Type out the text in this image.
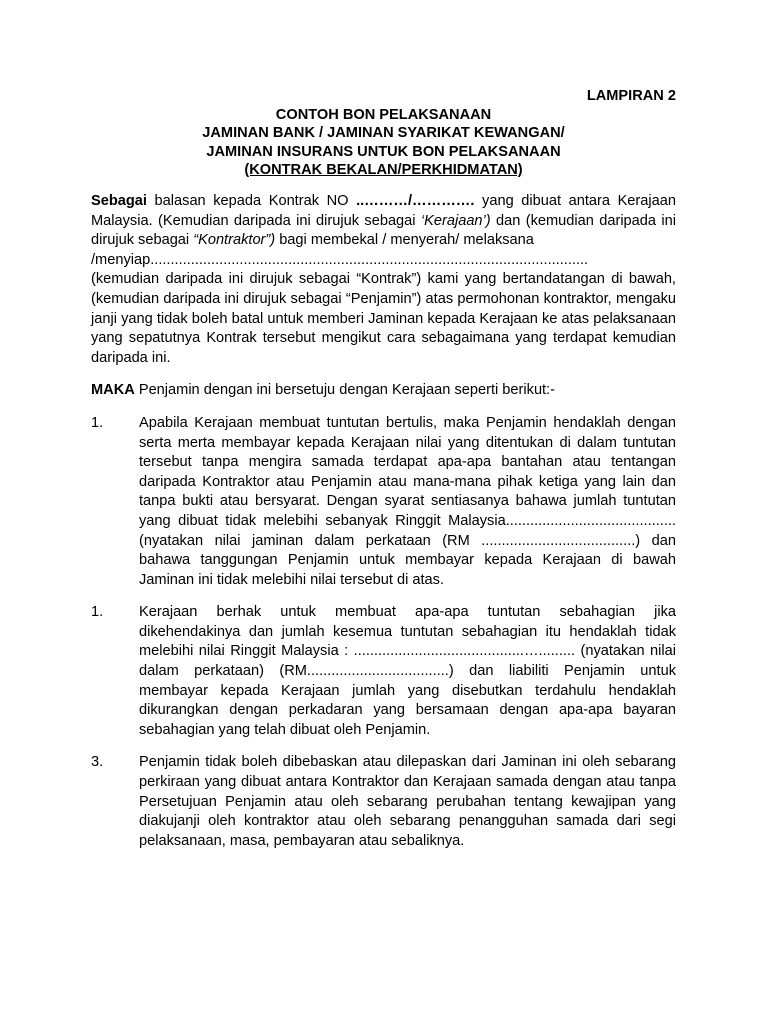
LAMPIRAN 2
CONTOH BON PELAKSANAAN
JAMINAN BANK / JAMINAN SYARIKAT KEWANGAN/
JAMINAN INSURANS UNTUK BON PELAKSANAAN
(KONTRAK BEKALAN/PERKHIDMATAN)

Sebagai balasan kepada Kontrak NO ..………/…………. yang dibuat antara Kerajaan Malaysia. (Kemudian daripada ini dirujuk sebagai ‘Kerajaan’) dan (kemudian daripada ini dirujuk sebagai “Kontraktor”) bagi membekal / menyerah/ melaksana
/menyiap............................................................................................................
(kemudian daripada ini dirujuk sebagai “Kontrak”) kami yang bertandatangan di bawah, (kemudian daripada ini dirujuk sebagai “Penjamin”) atas permohonan kontraktor, mengaku janji yang tidak boleh batal untuk memberi Jaminan kepada Kerajaan ke atas pelaksanaan yang sepatutnya Kontrak tersebut mengikut cara sebagaimana yang terdapat kemudian daripada ini.

MAKA Penjamin dengan ini bersetuju dengan Kerajaan seperti berikut:-

1.	Apabila Kerajaan membuat tuntutan bertulis, maka Penjamin hendaklah dengan serta merta membayar kepada Kerajaan nilai yang ditentukan di dalam tuntutan tersebut tanpa mengira samada terdapat apa-apa bantahan atau tentangan daripada Kontraktor atau Penjamin atau mana-mana pihak ketiga yang lain dan tanpa bukti atau bersyarat. Dengan syarat sentiasanya bahawa jumlah tuntutan yang dibuat tidak melebihi sebanyak Ringgit Malaysia.......................................... (nyatakan nilai jaminan dalam perkataan (RM ......................................) dan bahawa tanggungan Penjamin untuk membayar kepada Kerajaan di bawah Jaminan ini tidak melebihi nilai tersebut di atas.
1.	Kerajaan berhak untuk membuat apa-apa tuntutan sebahagian jika dikehendakinya dan jumlah kesemua tuntutan sebahagian itu hendaklah tidak melebihi nilai Ringgit Malaysia : ..........................................…......... (nyatakan nilai dalam perkataan) (RM...................................) dan liabiliti Penjamin untuk membayar kepada Kerajaan jumlah yang disebutkan terdahulu hendaklah dikurangkan dengan perkadaran yang bersamaan dengan apa-apa bayaran sebahagian yang telah dibuat oleh Penjamin.
3.	Penjamin tidak boleh dibebaskan atau dilepaskan dari Jaminan ini oleh sebarang perkiraan yang dibuat antara Kontraktor dan Kerajaan samada dengan atau tanpa Persetujuan Penjamin atau oleh sebarang perubahan tentang kewajipan yang diakujanji oleh kontraktor atau oleh sebarang penangguhan samada dari segi pelaksanaan, masa, pembayaran atau sebaliknya.
